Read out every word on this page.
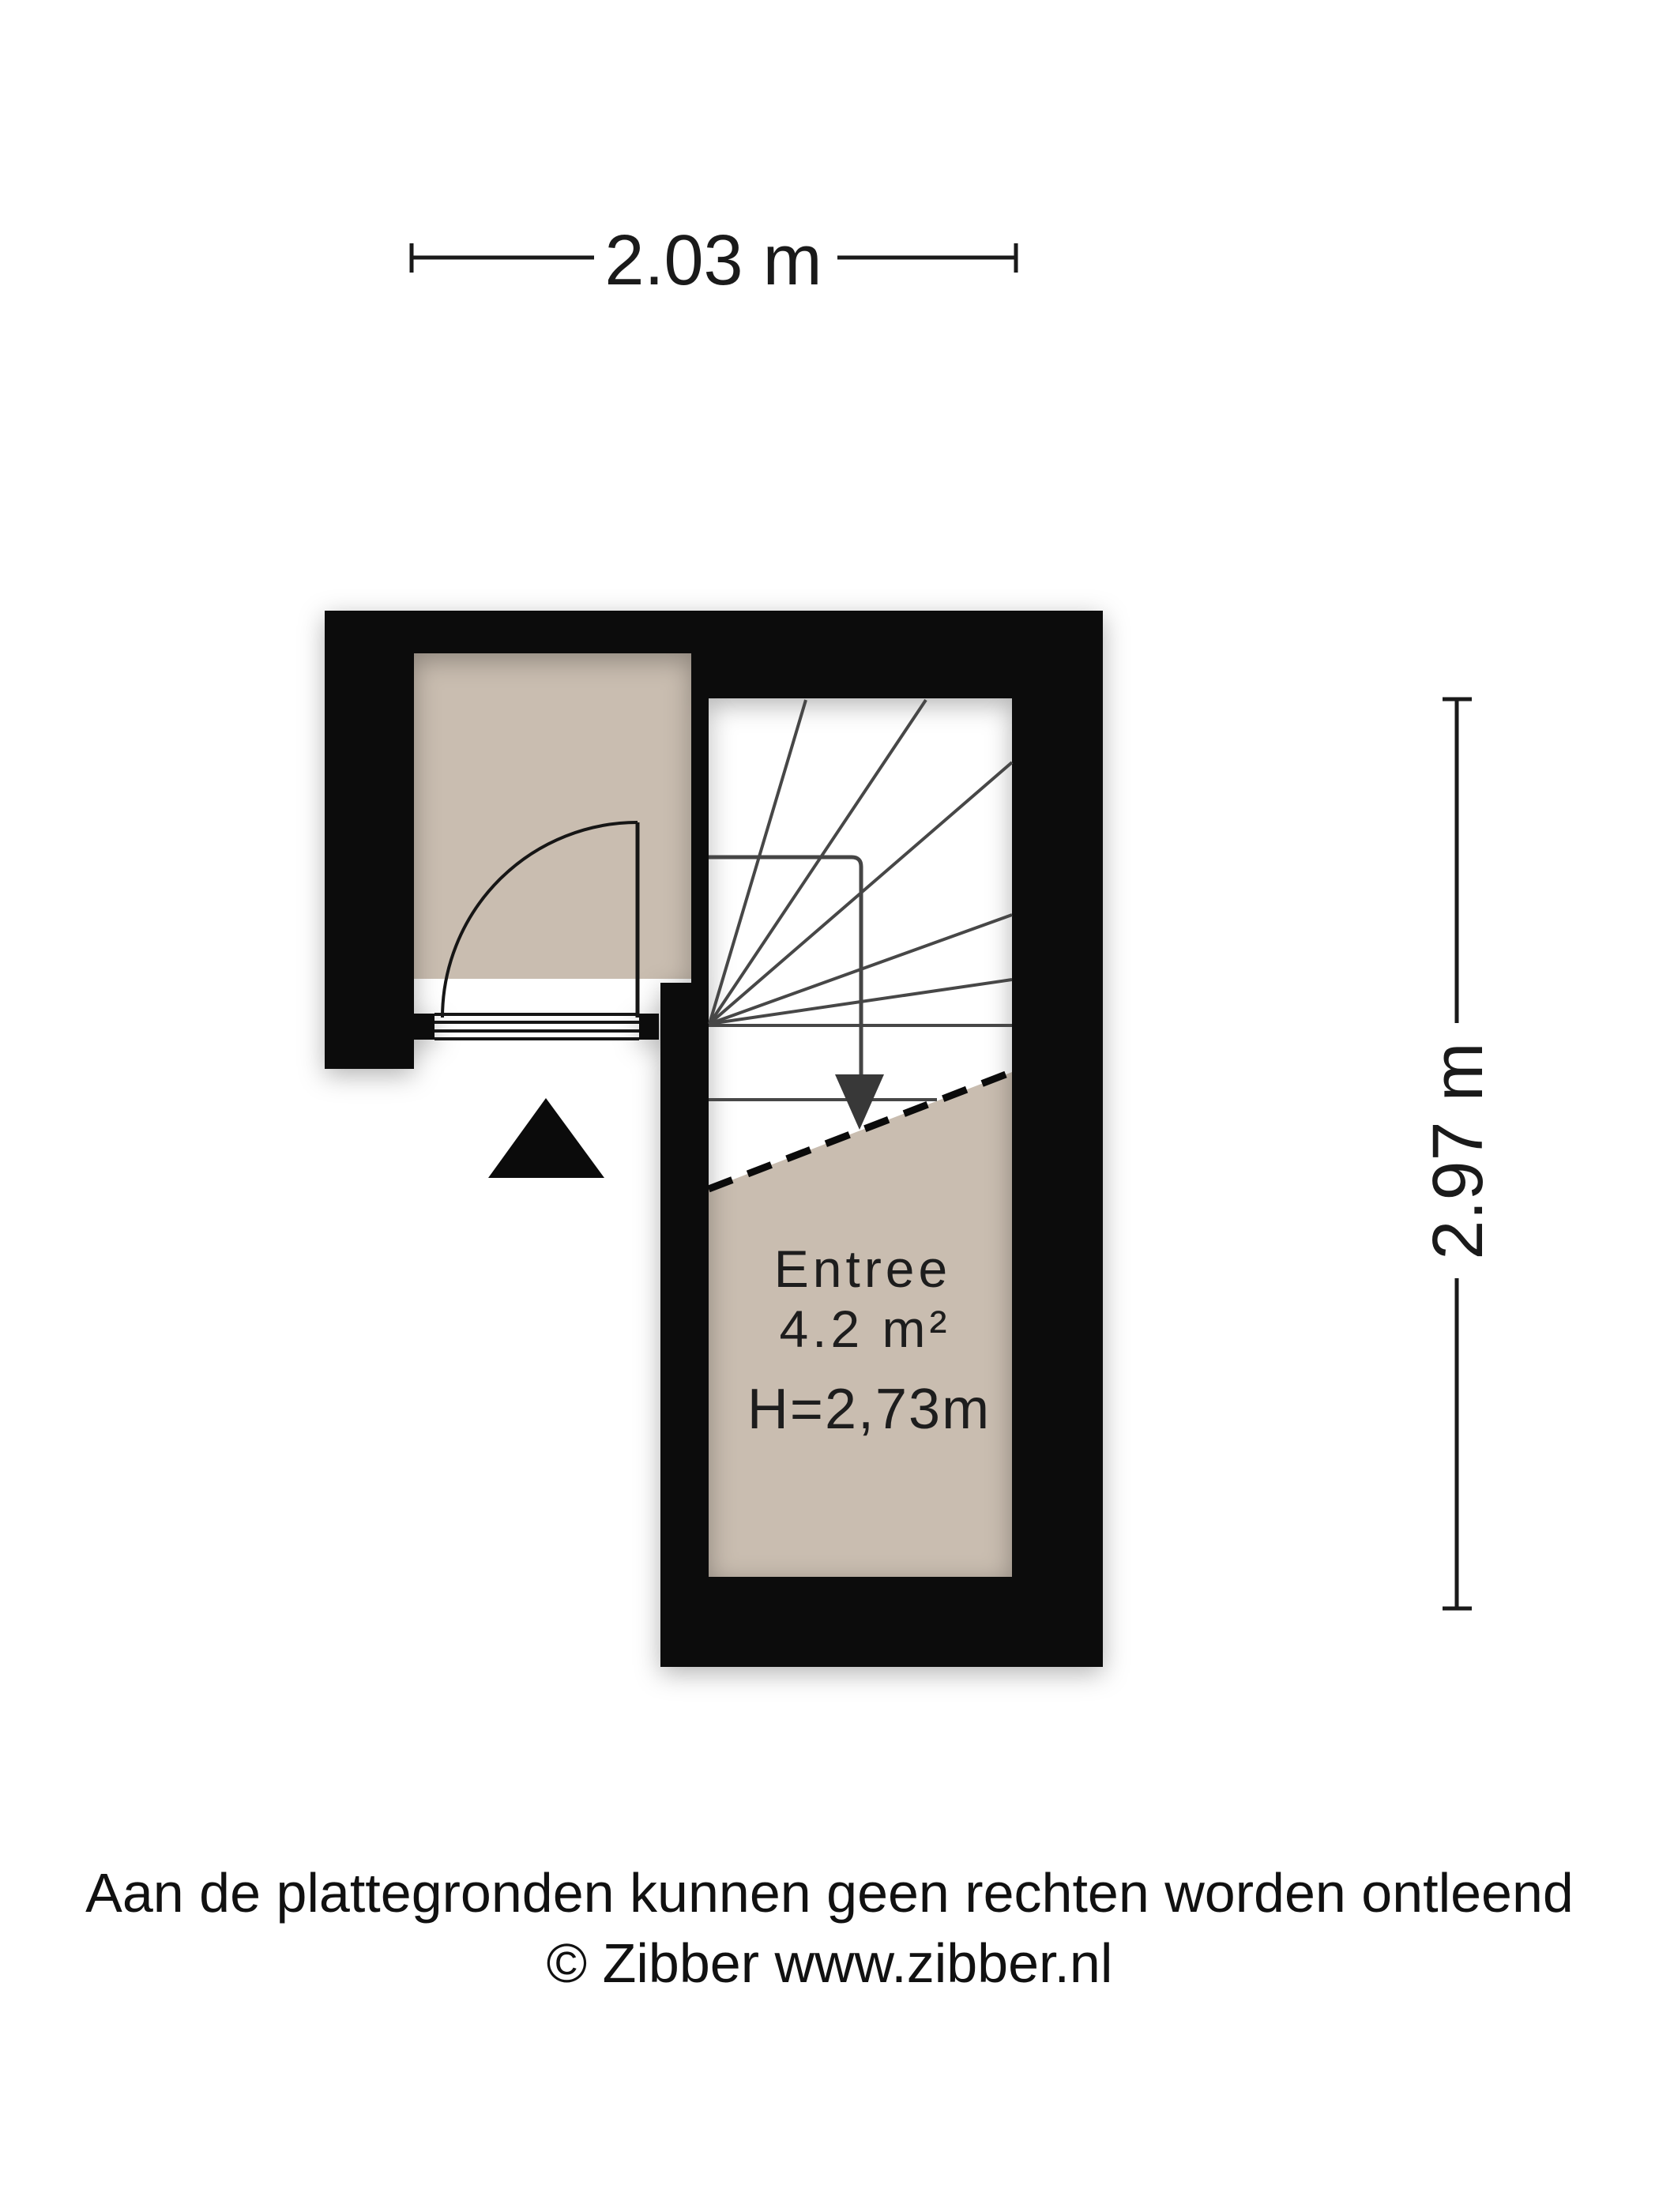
2.03 m
2.97 m
Entree
4.2 m²
H=2,73m
Aan de plattegronden kunnen geen rechten worden ontleend
© Zibber www.zibber.nl
